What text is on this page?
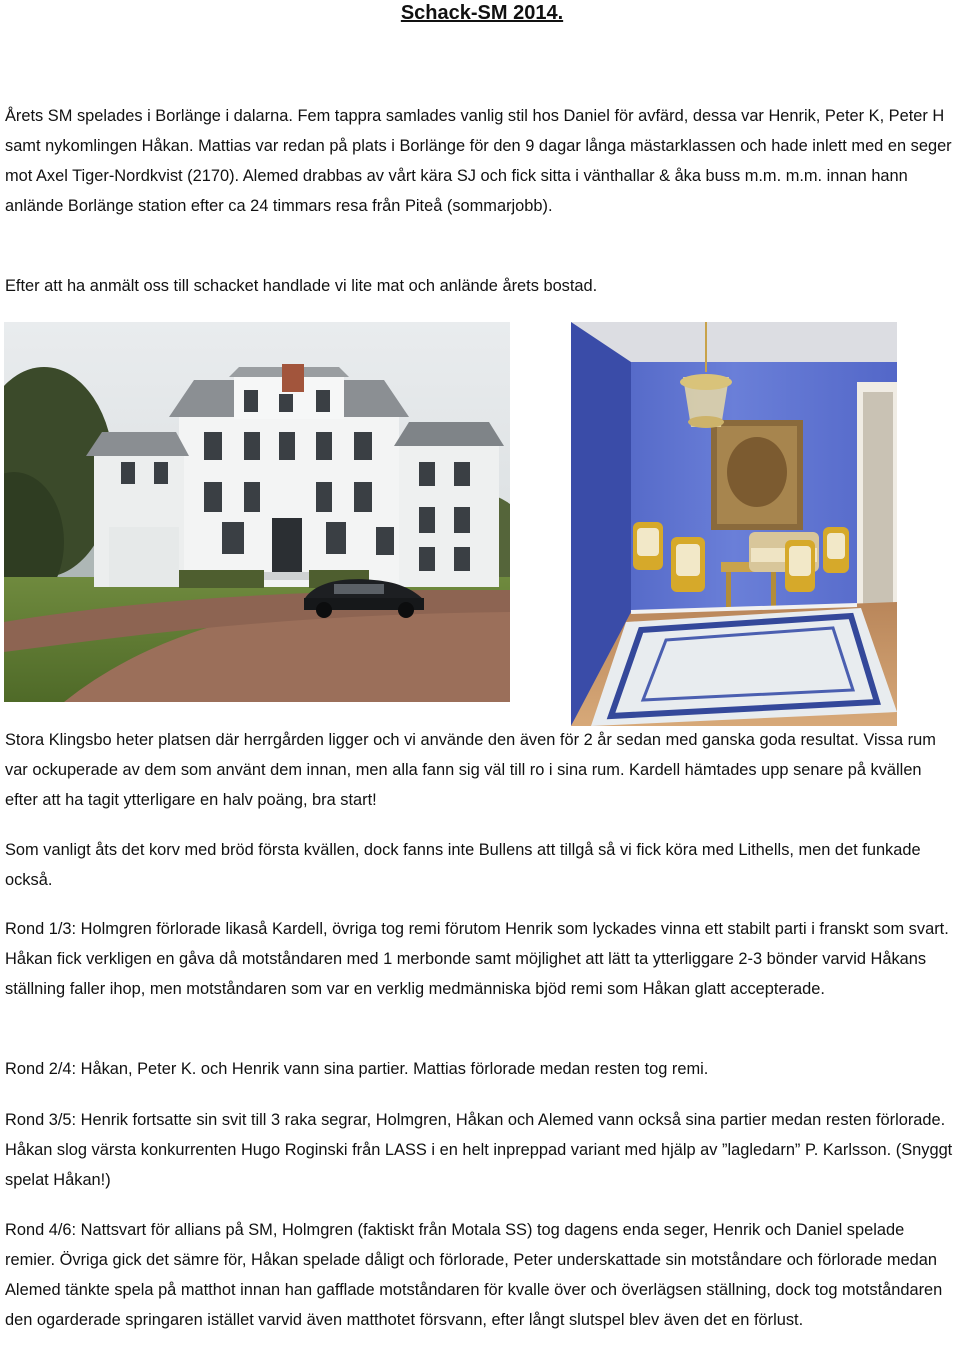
Schack-SM 2014.

Årets SM spelades i Borlänge i dalarna. Fem tappra samlades vanlig stil hos Daniel för avfärd, dessa var Henrik, Peter K, Peter H samt nykomlingen Håkan. Mattias var redan på plats i Borlänge för den 9 dagar långa mästarklassen och hade inlett med en seger mot Axel Tiger-Nordkvist (2170). Alemed drabbas av vårt kära SJ och fick sitta i vänthallar & åka buss m.m. m.m. innan hann anlände Borlänge station efter ca 24 timmars resa från Piteå (sommarjobb).

Efter att ha anmält oss till schacket handlade vi lite mat och anlände årets bostad.

Stora Klingsbo heter platsen där herrgården ligger och vi använde den även för 2 år sedan med ganska goda resultat. Vissa rum var ockuperade av dem som använt dem innan, men alla fann sig väl till ro i sina rum. Kardell hämtades upp senare på kvällen efter att ha tagit ytterligare en halv poäng, bra start!

Som vanligt åts det korv med bröd första kvällen, dock fanns inte Bullens att tillgå så vi fick köra med Lithells, men det funkade också.

Rond 1/3: Holmgren förlorade likaså Kardell, övriga tog remi förutom Henrik som lyckades vinna ett stabilt parti i franskt som svart. Håkan fick verkligen en gåva då motståndaren med 1 merbonde samt möjlighet att lätt ta ytterliggare 2-3 bönder varvid Håkans ställning faller ihop, men motståndaren som var en verklig medmänniska bjöd remi som Håkan glatt accepterade.

Rond 2/4: Håkan, Peter K. och Henrik vann sina partier. Mattias förlorade medan resten tog remi.

Rond 3/5: Henrik fortsatte sin svit till 3 raka segrar, Holmgren, Håkan och Alemed vann också sina partier medan resten förlorade. Håkan slog värsta konkurrenten Hugo Roginski från LASS i en helt inpreppad variant med hjälp av ”lagledarn” P. Karlsson. (Snyggt spelat Håkan!)

Rond 4/6: Nattsvart för allians på SM, Holmgren (faktiskt från Motala SS) tog dagens enda seger, Henrik och Daniel spelade remier. Övriga gick det sämre för, Håkan spelade dåligt och förlorade, Peter underskattade sin motståndare och förlorade medan Alemed tänkte spela på matthot innan han gafflade motståndaren för kvalle över och överlägsen ställning, dock tog motståndaren den ogarderade springaren istället varvid även matthotet försvann, efter långt slutspel blev även det en förlust.
